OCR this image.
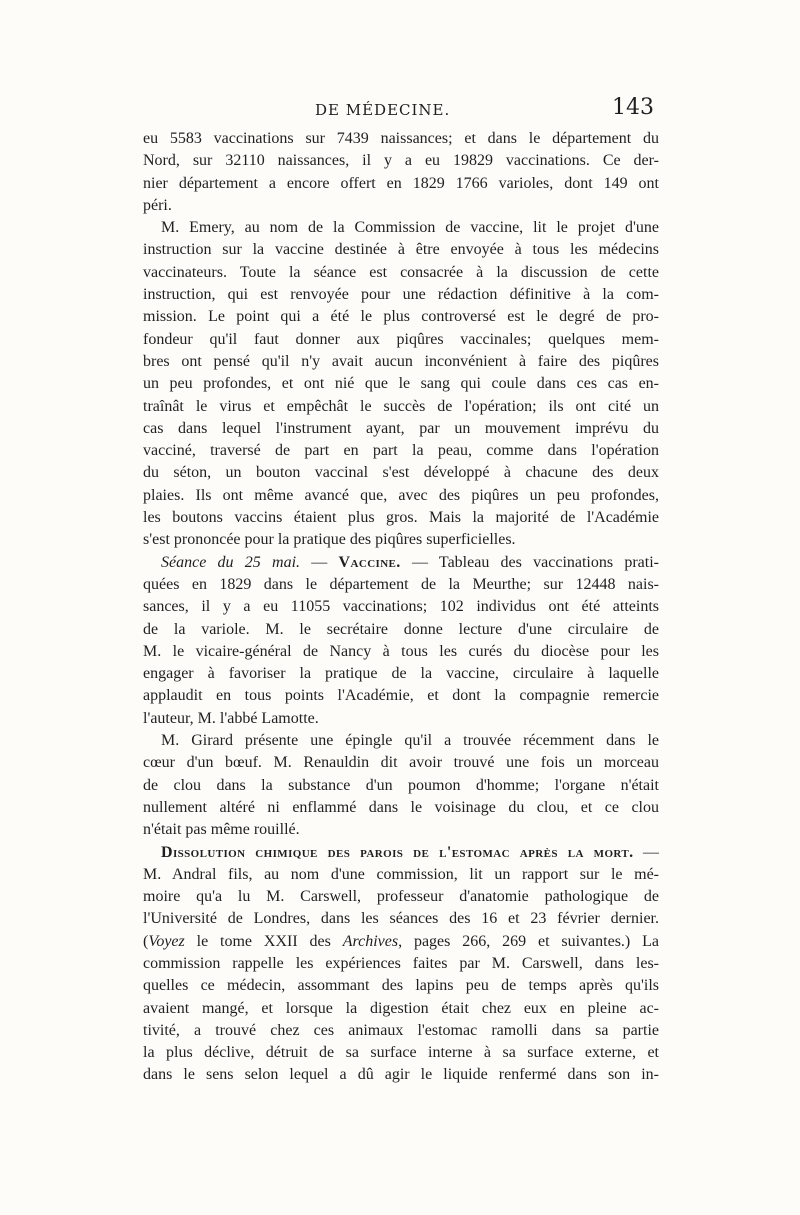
DE MÉDECINE.	143
eu 5583 vaccinations sur 7439 naissances; et dans le département du
Nord, sur 32110 naissances, il y a eu 19829 vaccinations. Ce der-
nier département a encore offert en 1829 1766 varioles, dont 149 ont
péri.
M. Emery, au nom de la Commission de vaccine, lit le projet d'une
instruction sur la vaccine destinée à être envoyée à tous les médecins
vaccinateurs. Toute la séance est consacrée à la discussion de cette
instruction, qui est renvoyée pour une rédaction définitive à la com-
mission. Le point qui a été le plus controversé est le degré de pro-
fondeur qu'il faut donner aux piqûres vaccinales; quelques mem-
bres ont pensé qu'il n'y avait aucun inconvénient à faire des piqûres
un peu profondes, et ont nié que le sang qui coule dans ces cas en-
traînât le virus et empêchât le succès de l'opération; ils ont cité un
cas dans lequel l'instrument ayant, par un mouvement imprévu du
vacciné, traversé de part en part la peau, comme dans l'opération
du séton, un bouton vaccinal s'est développé à chacune des deux
plaies. Ils ont même avancé que, avec des piqûres un peu profondes,
les boutons vaccins étaient plus gros. Mais la majorité de l'Académie
s'est prononcée pour la pratique des piqûres superficielles.
Séance du 25 mai. — Vaccine. — Tableau des vaccinations prati-
quées en 1829 dans le département de la Meurthe; sur 12448 nais-
sances, il y a eu 11055 vaccinations; 102 individus ont été atteints
de la variole. M. le secrétaire donne lecture d'une circulaire de
M. le vicaire-général de Nancy à tous les curés du diocèse pour les
engager à favoriser la pratique de la vaccine, circulaire à laquelle
applaudit en tous points l'Académie, et dont la compagnie remercie
l'auteur, M. l'abbé Lamotte.
M. Girard présente une épingle qu'il a trouvée récemment dans le
cœur d'un bœuf. M. Renauldin dit avoir trouvé une fois un morceau
de clou dans la substance d'un poumon d'homme; l'organe n'était
nullement altéré ni enflammé dans le voisinage du clou, et ce clou
n'était pas même rouillé.
Dissolution chimique des parois de l'estomac après la mort. —
M. Andral fils, au nom d'une commission, lit un rapport sur le mé-
moire qu'a lu M. Carswell, professeur d'anatomie pathologique de
l'Université de Londres, dans les séances des 16 et 23 février dernier.
(Voyez le tome XXII des Archives, pages 266, 269 et suivantes.) La
commission rappelle les expériences faites par M. Carswell, dans les-
quelles ce médecin, assommant des lapins peu de temps après qu'ils
avaient mangé, et lorsque la digestion était chez eux en pleine ac-
tivité, a trouvé chez ces animaux l'estomac ramolli dans sa partie
la plus déclive, détruit de sa surface interne à sa surface externe, et
dans le sens selon lequel a dû agir le liquide renfermé dans son in-
